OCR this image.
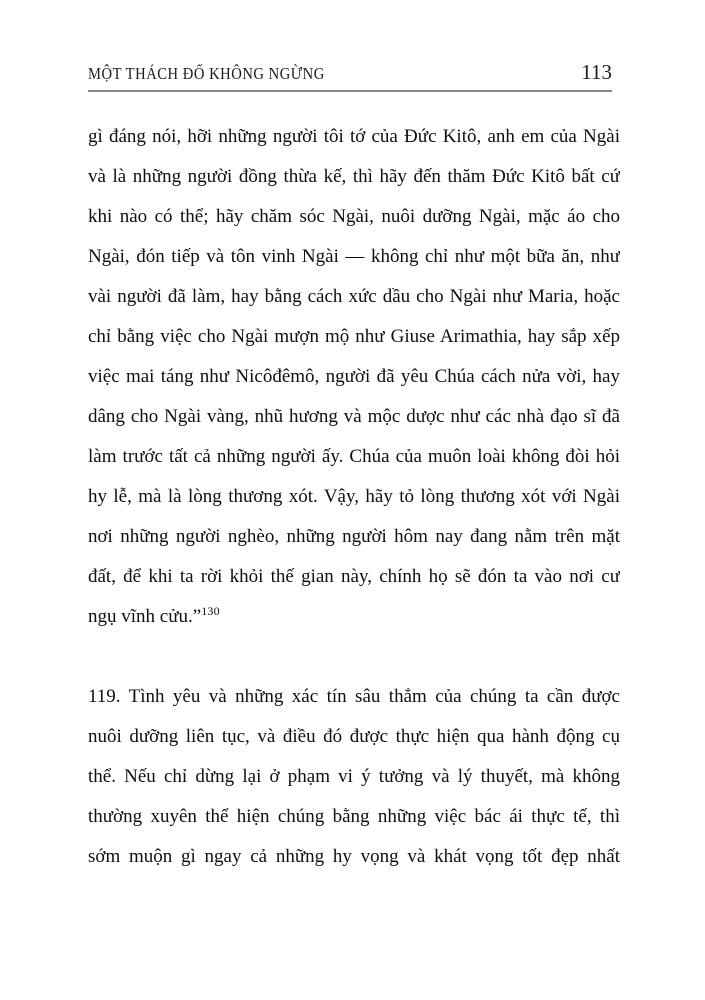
MỘT THÁCH ĐỐ KHÔNG NGỪNG	113
gì đáng nói, hỡi những người tôi tớ của Đức Kitô, anh em của Ngài
và là những người đồng thừa kế, thì hãy đến thăm Đức Kitô bất cứ
khi nào có thể; hãy chăm sóc Ngài, nuôi dưỡng Ngài, mặc áo cho
Ngài, đón tiếp và tôn vinh Ngài — không chỉ như một bữa ăn, như
vài người đã làm, hay bằng cách xức dầu cho Ngài như Maria, hoặc
chỉ bằng việc cho Ngài mượn mộ như Giuse Arimathia, hay sắp xếp
việc mai táng như Nicôđêmô, người đã yêu Chúa cách nửa vời, hay
dâng cho Ngài vàng, nhũ hương và mộc dược như các nhà đạo sĩ đã
làm trước tất cả những người ấy. Chúa của muôn loài không đòi hỏi
hy lễ, mà là lòng thương xót. Vậy, hãy tỏ lòng thương xót với Ngài
nơi những người nghèo, những người hôm nay đang nằm trên mặt
đất, để khi ta rời khỏi thế gian này, chính họ sẽ đón ta vào nơi cư
ngụ vĩnh cửu.”$^{130}$
119. Tình yêu và những xác tín sâu thẳm của chúng ta cần được
nuôi dưỡng liên tục, và điều đó được thực hiện qua hành động cụ
thể. Nếu chỉ dừng lại ở phạm vi ý tưởng và lý thuyết, mà không
thường xuyên thể hiện chúng bằng những việc bác ái thực tế, thì
sớm muộn gì ngay cả những hy vọng và khát vọng tốt đẹp nhất
